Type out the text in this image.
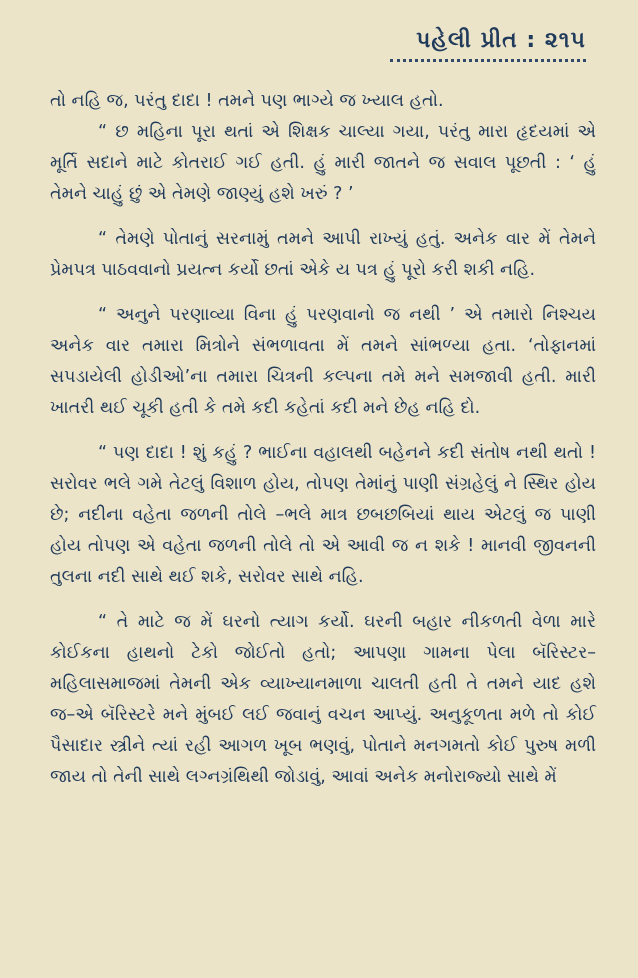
પહેલી પ્રીત : ૨૧૫

તો નહિ જ, પરંતુ દાદા ! તમને પણ ભાગ્યે જ ખ્યાલ હતો.

“ છ મહિના પૂરા થતાં એ શિક્ષક ચાલ્યા ગયા, પરંતુ મારા હૃદયમાં એ મૂર્તિ સદાને માટે કોતરાઈ ગઈ હતી. હું મારી જાતને જ સવાલ પૂછતી : ‘ હું તેમને ચાહું છું એ તેમણે જાણ્યું હશે ખરું ? ’

“ તેમણે પોતાનું સરનામું તમને આપી રાખ્યું હતું. અનેક વાર મેં તેમને પ્રેમપત્ર પાઠવવાનો પ્રયત્ન કર્યો છતાં એકે ય પત્ર હું પૂરો કરી શકી નહિ.

“ અનુને પરણાવ્યા વિના હું પરણવાનો જ નથી ’ એ તમારો નિશ્ચય અનેક વાર તમારા મિત્રોને સંભળાવતા મેં તમને સાંભળ્યા હતા. ‘તોફાનમાં સપડાયેલી હોડીઓ’ના તમારા ચિત્રની કલ્પના તમે મને સમજાવી હતી. મારી ખાતરી થઈ ચૂકી હતી કે તમે કદી કહેતાં કદી મને છેહ નહિ દો.

“ પણ દાદા ! શું કહું ? ભાઈના વહાલથી બહેનને કદી સંતોષ નથી થતો ! સરોવર ભલે ગમે તેટલું વિશાળ હોય, તોપણ તેમાંનું પાણી સંગ્રહેલું ને સ્થિર હોય છે; નદીના વહેતા જળની તોલે –ભલે માત્ર છબછબિયાં થાય એટલું જ પાણી હોય તોપણ એ વહેતા જળની તોલે તો એ આવી જ ન શકે ! માનવી જીવનની તુલના નદી સાથે થઈ શકે, સરોવર સાથે નહિ.

“ તે માટે જ મેં ઘરનો ત્યાગ કર્યો. ઘરની બહાર નીકળતી વેળા મારે કોઈકના હાથનો ટેકો જોઈતો હતો; આપણા ગામના પેલા બૅરિસ્ટર– મહિલાસમાજમાં તેમની એક વ્યાખ્યાનમાળા ચાલતી હતી તે તમને યાદ હશે જ–એ બૅરિસ્ટરે મને મુંબઈ લઈ જવાનું વચન આપ્યું. અનુકૂળતા મળે તો કોઈ પૈસાદાર સ્ત્રીને ત્યાં રહી આગળ ખૂબ ભણવું, પોતાને મનગમતો કોઈ પુરુષ મળી જાય તો તેની સાથે લગ્નગ્રંથિથી જોડાવું, આવાં અનેક મનોરાજ્યો સાથે મેં
